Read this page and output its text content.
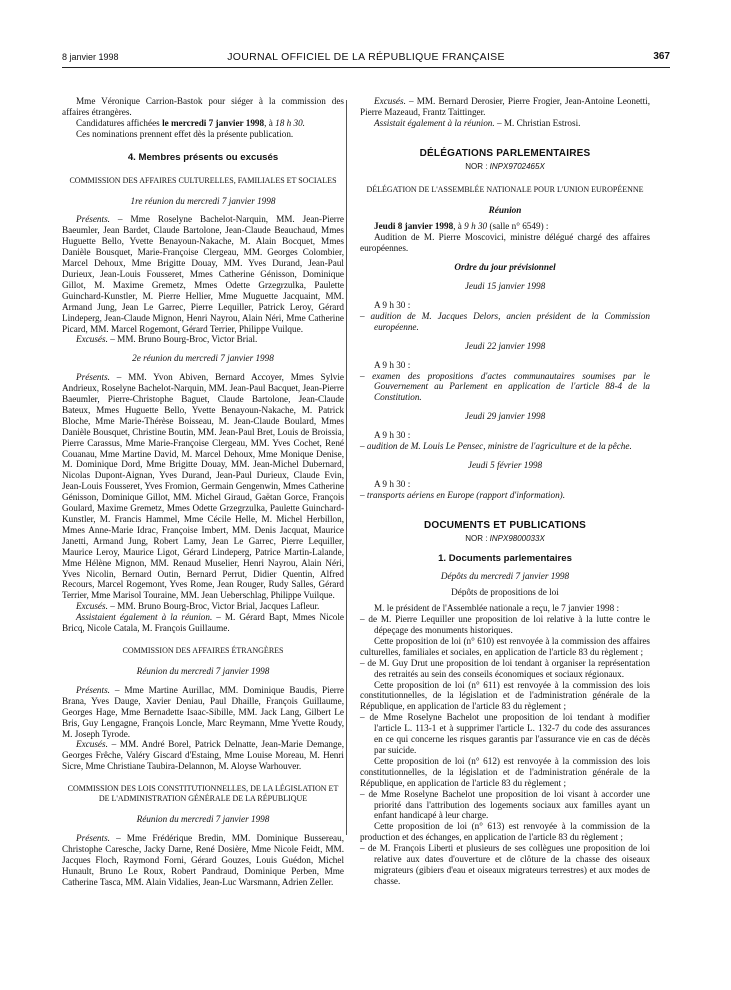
8 janvier 1998	JOURNAL OFFICIEL DE LA RÉPUBLIQUE FRANÇAISE	367

Mme Véronique Carrion-Bastok pour siéger à la commission des affaires étrangères.

Candidatures affichées le mercredi 7 janvier 1998, à 18 h 30.

Ces nominations prennent effet dès la présente publication.

4. Membres présents ou excusés
COMMISSION DES AFFAIRES CULTURELLES, FAMILIALES ET SOCIALES
1re réunion du mercredi 7 janvier 1998

Présents. – Mme Roselyne Bachelot-Narquin, MM. Jean-Pierre Baeumler, Jean Bardet, Claude Bartolone, Jean-Claude Beauchaud, Mmes Huguette Bello, Yvette Benayoun-Nakache, M. Alain Bocquet, Mmes Danièle Bousquet, Marie-Françoise Clergeau, MM. Georges Colombier, Marcel Dehoux, Mme Brigitte Douay, MM. Yves Durand, Jean-Paul Durieux, Jean-Louis Fousseret, Mmes Catherine Génisson, Dominique Gillot, M. Maxime Gremetz, Mmes Odette Grzegrzulka, Paulette Guinchard-Kunstler, M. Pierre Hellier, Mme Muguette Jacquaint, MM. Armand Jung, Jean Le Garrec, Pierre Lequiller, Patrick Leroy, Gérard Lindeperg, Jean-Claude Mignon, Henri Nayrou, Alain Néri, Mme Catherine Picard, MM. Marcel Rogemont, Gérard Terrier, Philippe Vuilque.

Excusés. – MM. Bruno Bourg-Broc, Victor Brial.

2e réunion du mercredi 7 janvier 1998

Présents. – MM. Yvon Abiven, Bernard Accoyer, Mmes Sylvie Andrieux, Roselyne Bachelot-Narquin, MM. Jean-Paul Bacquet, Jean-Pierre Baeumler, Pierre-Christophe Baguet, Claude Bartolone, Jean-Claude Bateux, Mmes Huguette Bello, Yvette Benayoun-Nakache, M. Patrick Bloche, Mme Marie-Thérèse Boisseau, M. Jean-Claude Boulard, Mmes Danièle Bousquet, Christine Boutin, MM. Jean-Paul Bret, Louis de Broissia, Pierre Carassus, Mme Marie-Françoise Clergeau, MM. Yves Cochet, René Couanau, Mme Martine David, M. Marcel Dehoux, Mme Monique Denise, M. Dominique Dord, Mme Brigitte Douay, MM. Jean-Michel Dubernard, Nicolas Dupont-Aignan, Yves Durand, Jean-Paul Durieux, Claude Evin, Jean-Louis Fousseret, Yves Fromion, Germain Gengenwin, Mmes Catherine Génisson, Dominique Gillot, MM. Michel Giraud, Gaëtan Gorce, François Goulard, Maxime Gremetz, Mmes Odette Grzegrzulka, Paulette Guinchard-Kunstler, M. Francis Hammel, Mme Cécile Helle, M. Michel Herbillon, Mmes Anne-Marie Idrac, Françoise Imbert, MM. Denis Jacquat, Maurice Janetti, Armand Jung, Robert Lamy, Jean Le Garrec, Pierre Lequiller, Maurice Leroy, Maurice Ligot, Gérard Lindeperg, Patrice Martin-Lalande, Mme Hélène Mignon, MM. Renaud Muselier, Henri Nayrou, Alain Néri, Yves Nicolin, Bernard Outin, Bernard Perrut, Didier Quentin, Alfred Recours, Marcel Rogemont, Yves Rome, Jean Rouger, Rudy Salles, Gérard Terrier, Mme Marisol Touraine, MM. Jean Ueberschlag, Philippe Vuilque.

Excusés. – MM. Bruno Bourg-Broc, Victor Brial, Jacques Lafleur.

Assistaient également à la réunion. – M. Gérard Bapt, Mmes Nicole Bricq, Nicole Catala, M. François Guillaume.

COMMISSION DES AFFAIRES ÉTRANGÈRES
Réunion du mercredi 7 janvier 1998

Présents. – Mme Martine Aurillac, MM. Dominique Baudis, Pierre Brana, Yves Dauge, Xavier Deniau, Paul Dhaille, François Guillaume, Georges Hage, Mme Bernadette Isaac-Sibille, MM. Jack Lang, Gilbert Le Bris, Guy Lengagne, François Loncle, Marc Reymann, Mme Yvette Roudy, M. Joseph Tyrode.

Excusés. – MM. André Borel, Patrick Delnatte, Jean-Marie Demange, Georges Frêche, Valéry Giscard d'Estaing, Mme Louise Moreau, M. Henri Sicre, Mme Christiane Taubira-Delannon, M. Aloyse Warhouver.

COMMISSION DES LOIS CONSTITUTIONNELLES, DE LA LÉGISLATION ET DE L'ADMINISTRATION GÉNÉRALE DE LA RÉPUBLIQUE
Réunion du mercredi 7 janvier 1998

Présents. – Mme Frédérique Bredin, MM. Dominique Bussereau, Christophe Caresche, Jacky Darne, René Dosière, Mme Nicole Feidt, MM. Jacques Floch, Raymond Forni, Gérard Gouzes, Louis Guédon, Michel Hunault, Bruno Le Roux, Robert Pandraud, Dominique Perben, Mme Catherine Tasca, MM. Alain Vidalies, Jean-Luc Warsmann, Adrien Zeller.

Excusés. – MM. Bernard Derosier, Pierre Frogier, Jean-Antoine Leonetti, Pierre Mazeaud, Frantz Taittinger.

Assistait également à la réunion. – M. Christian Estrosi.

DÉLÉGATIONS PARLEMENTAIRES
NOR : INPX9702465X
DÉLÉGATION DE L'ASSEMBLÉE NATIONALE POUR L'UNION EUROPÉENNE
Réunion

Jeudi 8 janvier 1998, à 9 h 30 (salle n° 6549) :

Audition de M. Pierre Moscovici, ministre délégué chargé des affaires européennes.

Ordre du jour prévisionnel
Jeudi 15 janvier 1998

A 9 h 30 :

– audition de M. Jacques Delors, ancien président de la Commission européenne.

Jeudi 22 janvier 1998

A 9 h 30 :

– examen des propositions d'actes communautaires soumises par le Gouvernement au Parlement en application de l'article 88-4 de la Constitution.

Jeudi 29 janvier 1998

A 9 h 30 :

– audition de M. Louis Le Pensec, ministre de l'agriculture et de la pêche.

Jeudi 5 février 1998

A 9 h 30 :

– transports aériens en Europe (rapport d'information).

DOCUMENTS ET PUBLICATIONS
NOR : INPX9800033X
1. Documents parlementaires
Dépôts du mercredi 7 janvier 1998
Dépôts de propositions de loi

M. le président de l'Assemblée nationale a reçu, le 7 janvier 1998 :

– de M. Pierre Lequiller une proposition de loi relative à la lutte contre le dépeçage des monuments historiques.

Cette proposition de loi (n° 610) est renvoyée à la commission des affaires culturelles, familiales et sociales, en application de l'article 83 du règlement ;

– de M. Guy Drut une proposition de loi tendant à organiser la représentation des retraités au sein des conseils économiques et sociaux régionaux.

Cette proposition de loi (n° 611) est renvoyée à la commission des lois constitutionnelles, de la législation et de l'administration générale de la République, en application de l'article 83 du règlement ;

– de Mme Roselyne Bachelot une proposition de loi tendant à modifier l'article L. 113-1 et à supprimer l'article L. 132-7 du code des assurances en ce qui concerne les risques garantis par l'assurance vie en cas de décès par suicide.

Cette proposition de loi (n° 612) est renvoyée à la commission des lois constitutionnelles, de la législation et de l'administration générale de la République, en application de l'article 83 du règlement ;

– de Mme Roselyne Bachelot une proposition de loi visant à accorder une priorité dans l'attribution des logements sociaux aux familles ayant un enfant handicapé à leur charge.

Cette proposition de loi (n° 613) est renvoyée à la commission de la production et des échanges, en application de l'article 83 du règlement ;

– de M. François Liberti et plusieurs de ses collègues une proposition de loi relative aux dates d'ouverture et de clôture de la chasse des oiseaux migrateurs (gibiers d'eau et oiseaux migrateurs terrestres) et aux modes de chasse.
